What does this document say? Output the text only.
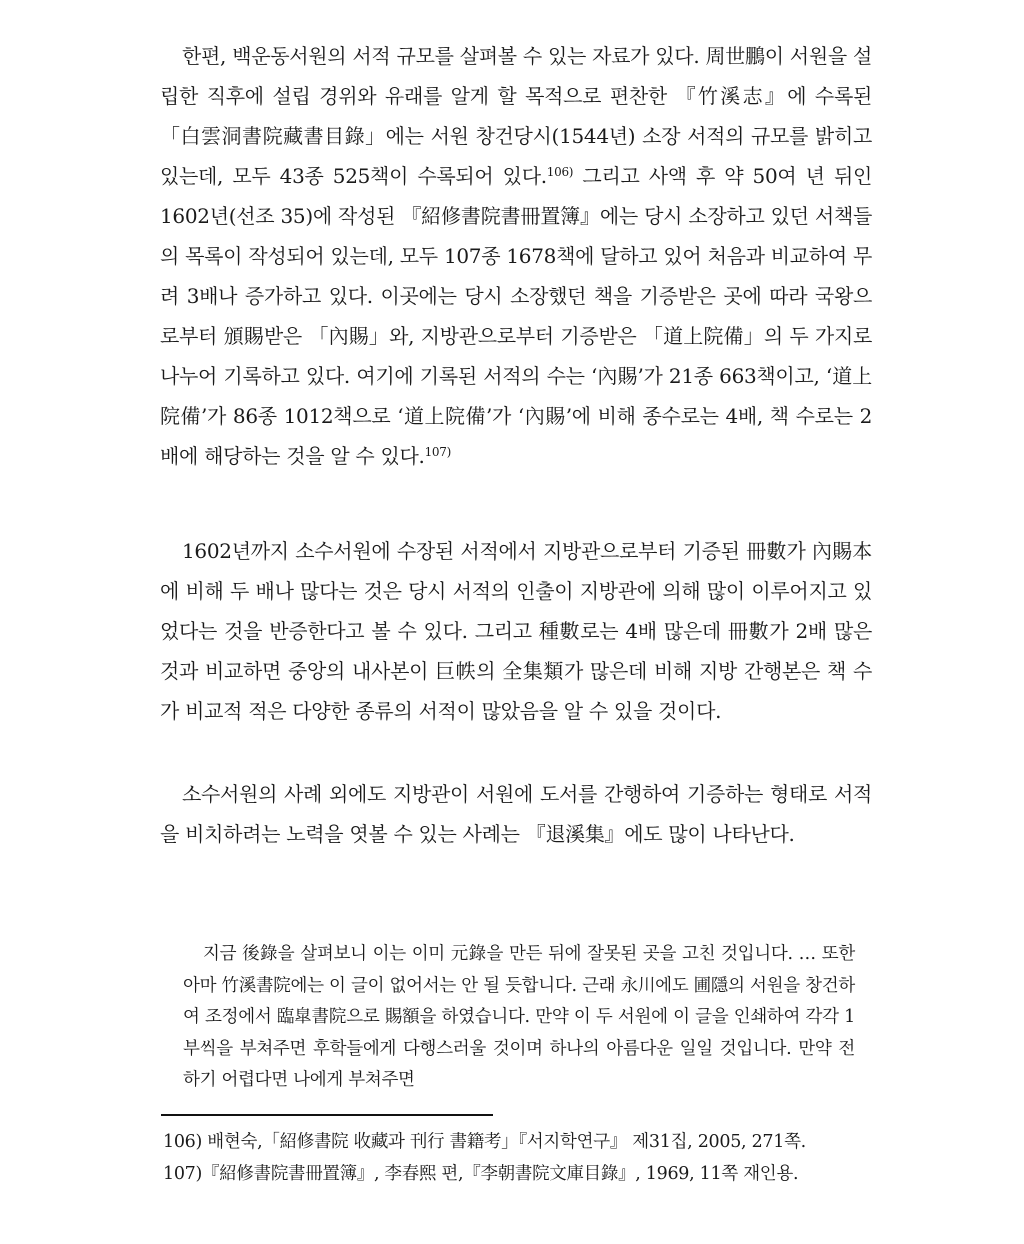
한편, 백운동서원의 서적 규모를 살펴볼 수 있는 자료가 있다. 周世鵬이 서원을 설립한 직후에 설립 경위와 유래를 알게 할 목적으로 편찬한 『竹溪志』에 수록된 「白雲洞書院藏書目錄」에는 서원 창건당시(1544년) 소장 서적의 규모를 밝히고 있는데, 모두 43종 525책이 수록되어 있다.$^{106)}$ 그리고 사액 후 약 50여 년 뒤인 1602년(선조 35)에 작성된 『紹修書院書冊置簿』에는 당시 소장하고 있던 서책들의 목록이 작성되어 있는데, 모두 107종 1678책에 달하고 있어 처음과 비교하여 무려 3배나 증가하고 있다. 이곳에는 당시 소장했던 책을 기증받은 곳에 따라 국왕으로부터 頒賜받은 「內賜」와, 지방관으로부터 기증받은 「道上院備」의 두 가지로 나누어 기록하고 있다. 여기에 기록된 서적의 수는 ‘內賜’가 21종 663책이고, ‘道上院備’가 86종 1012책으로 ‘道上院備’가 ‘內賜’에 비해 종수로는 4배, 책 수로는 2배에 해당하는 것을 알 수 있다.$^{107)}$

1602년까지 소수서원에 수장된 서적에서 지방관으로부터 기증된 冊數가 內賜本에 비해 두 배나 많다는 것은 당시 서적의 인출이 지방관에 의해 많이 이루어지고 있었다는 것을 반증한다고 볼 수 있다. 그리고 種數로는 4배 많은데 冊數가 2배 많은 것과 비교하면 중앙의 내사본이 巨帙의 全集類가 많은데 비해 지방 간행본은 책 수가 비교적 적은 다양한 종류의 서적이 많았음을 알 수 있을 것이다.

소수서원의 사례 외에도 지방관이 서원에 도서를 간행하여 기증하는 형태로 서적을 비치하려는 노력을 엿볼 수 있는 사례는 『退溪集』에도 많이 나타난다.

지금 後錄을 살펴보니 이는 이미 元錄을 만든 뒤에 잘못된 곳을 고친 것입니다. … 또한 아마 竹溪書院에는 이 글이 없어서는 안 될 듯합니다. 근래 永川에도 圃隱의 서원을 창건하여 조정에서 臨皐書院으로 賜額을 하였습니다. 만약 이 두 서원에 이 글을 인쇄하여 각각 1부씩을 부쳐주면 후학들에게 다행스러울 것이며 하나의 아름다운 일일 것입니다. 만약 전하기 어렵다면 나에게 부쳐주면

106) 배현숙,「紹修書院 收藏과 刊行 書籍考」『서지학연구』 제31집, 2005, 271쪽.
107)『紹修書院書冊置簿』, 李春熙 편,『李朝書院文庫目錄』, 1969, 11쪽 재인용.
